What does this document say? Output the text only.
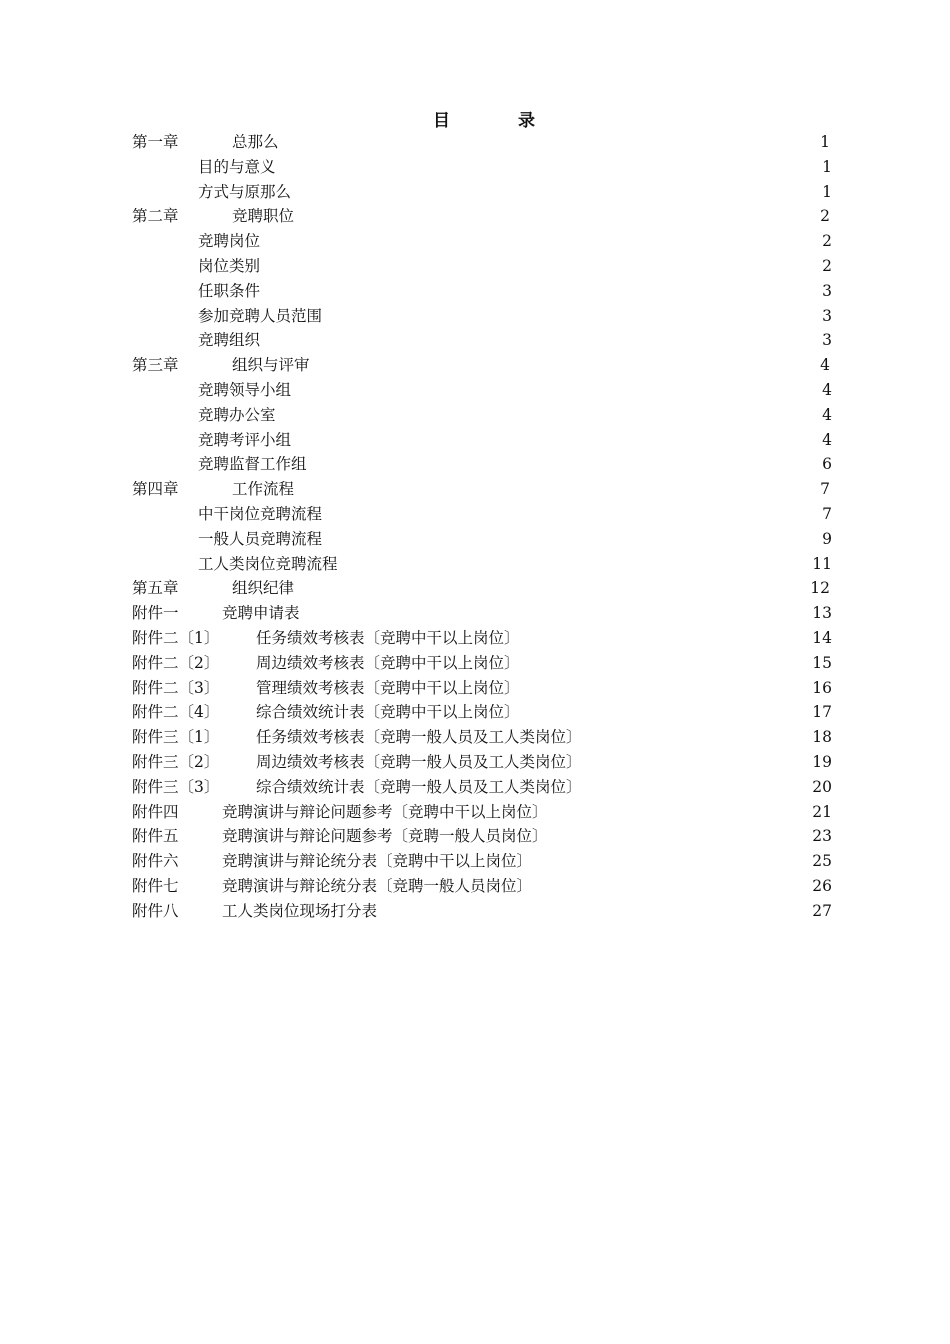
目	录
第一章	总那么	1
目的与意义	1
方式与原那么	1
第二章	竞聘职位	2
竞聘岗位	2
岗位类别	2
任职条件	3
参加竞聘人员范围	3
竞聘组织	3
第三章	组织与评审	4
竞聘领导小组	4
竞聘办公室	4
竞聘考评小组	4
竞聘监督工作组	6
第四章	工作流程	7
中干岗位竞聘流程	7
一般人员竞聘流程	9
工人类岗位竞聘流程	11
第五章	组织纪律	12
附件一	竞聘申请表	13
附件二〔1〕 任务绩效考核表〔竞聘中干以上岗位〕	14
附件二〔2〕 周边绩效考核表〔竞聘中干以上岗位〕	15
附件二〔3〕 管理绩效考核表〔竞聘中干以上岗位〕	16
附件二〔4〕 综合绩效统计表〔竞聘中干以上岗位〕	17
附件三〔1〕 任务绩效考核表〔竞聘一般人员及工人类岗位〕	18
附件三〔2〕 周边绩效考核表〔竞聘一般人员及工人类岗位〕	19
附件三〔3〕 综合绩效统计表〔竞聘一般人员及工人类岗位〕	20
附件四	竞聘演讲与辩论问题参考〔竞聘中干以上岗位〕	21
附件五	竞聘演讲与辩论问题参考〔竞聘一般人员岗位〕	23
附件六	竞聘演讲与辩论统分表〔竞聘中干以上岗位〕	25
附件七	竞聘演讲与辩论统分表〔竞聘一般人员岗位〕	26
附件八	工人类岗位现场打分表	27
